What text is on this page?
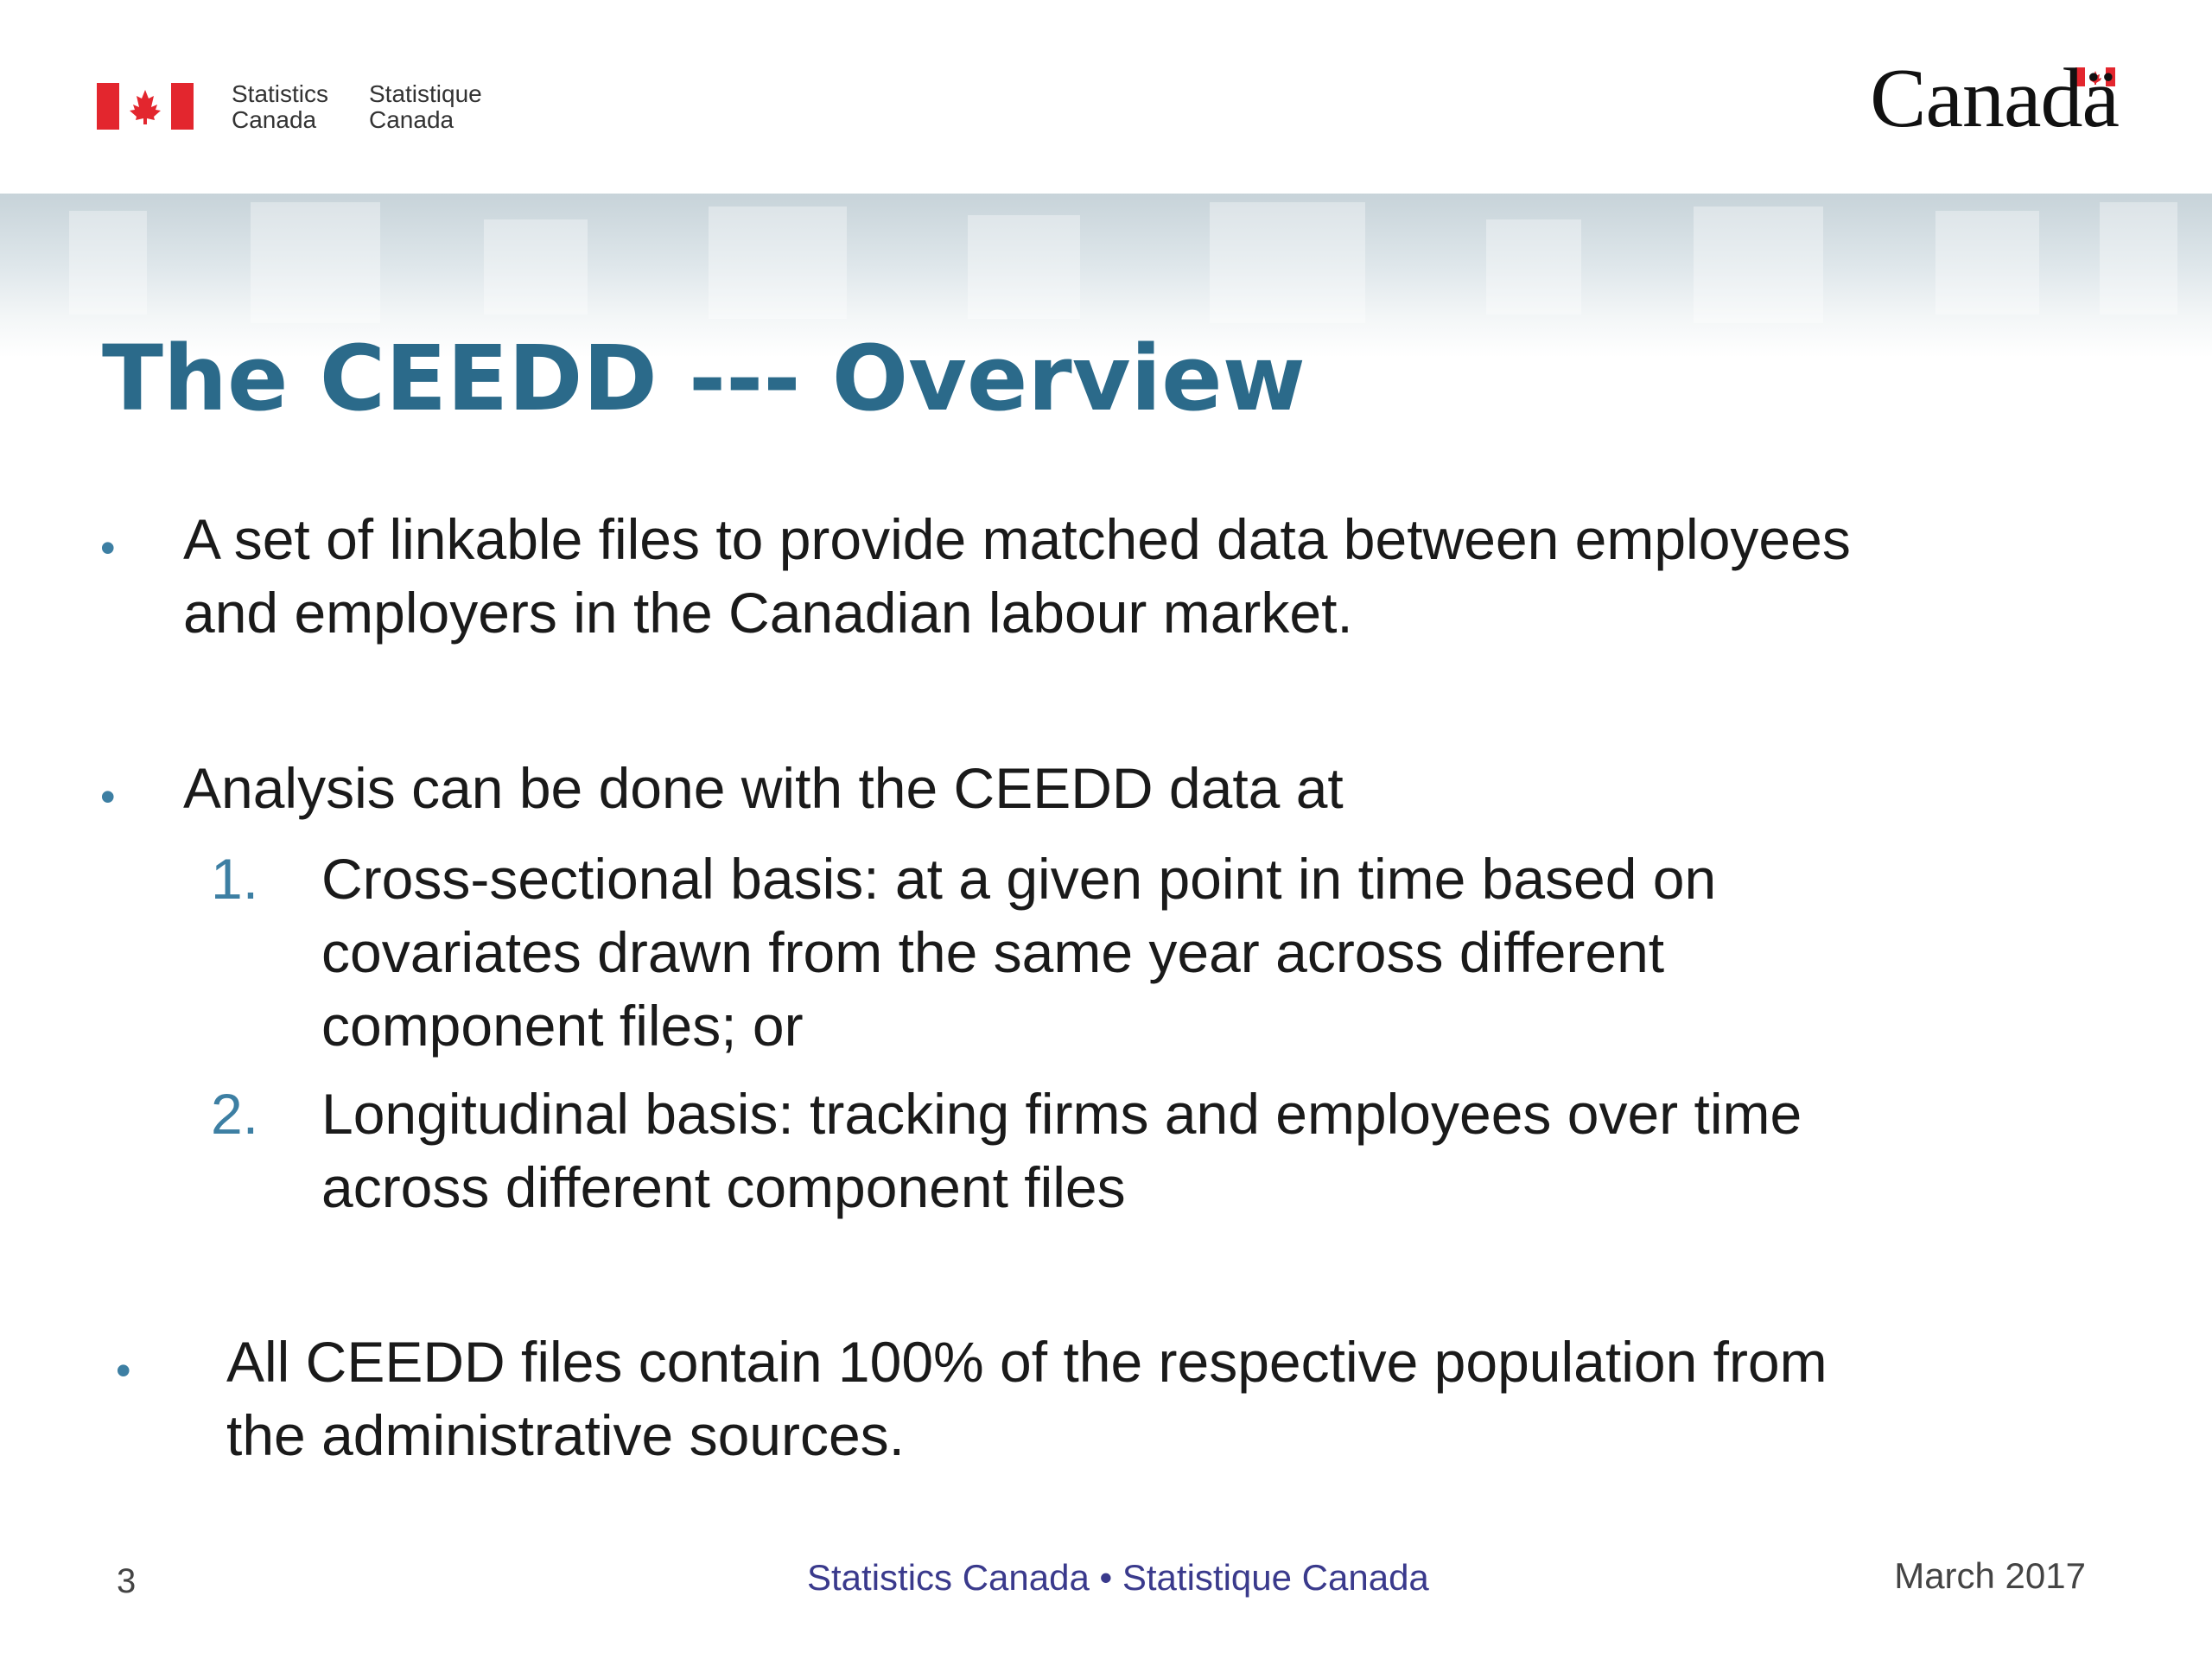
Statistics
Canada
Statistique
Canada	Canadä
The CEEDD --- Overview
• A set of linkable files to provide matched data between employees
and employers in the Canadian labour market.
• Analysis can be done with the CEEDD data at
1. Cross-sectional basis: at a given point in time based on
covariates drawn from the same year across different
component files; or
2. Longitudinal basis: tracking firms and employees over time
across different component files
• All CEEDD files contain 100% of the respective population from
the administrative sources.
3	Statistics Canada • Statistique Canada	March 2017
